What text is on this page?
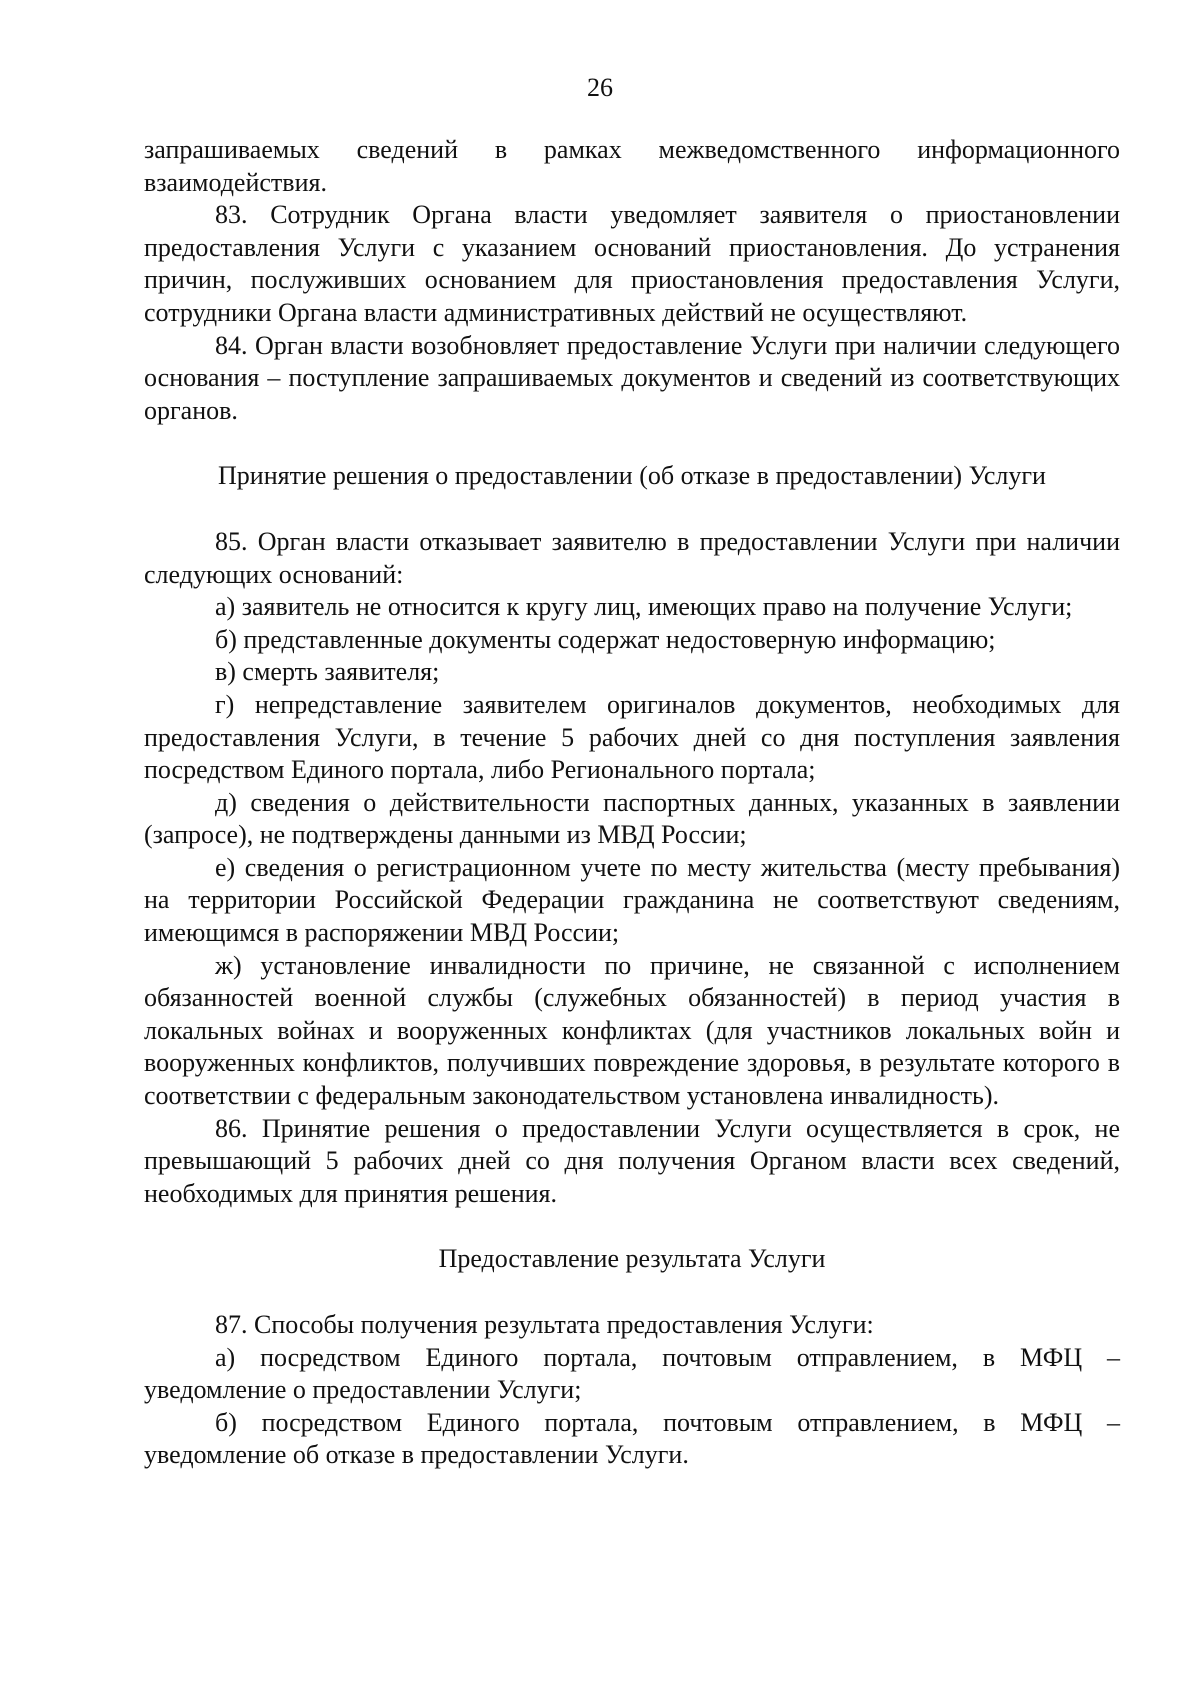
26

запрашиваемых сведений в рамках межведомственного информационного взаимодействия.

83. Сотрудник Органа власти уведомляет заявителя о приостановлении предоставления Услуги с указанием оснований приостановления. До устранения причин, послуживших основанием для приостановления предоставления Услуги, сотрудники Органа власти административных действий не осуществляют.

84. Орган власти возобновляет предоставление Услуги при наличии следующего основания – поступление запрашиваемых документов и сведений из соответствующих органов.

Принятие решения о предоставлении (об отказе в предоставлении) Услуги

85. Орган власти отказывает заявителю в предоставлении Услуги при наличии следующих оснований:

а) заявитель не относится к кругу лиц, имеющих право на получение Услуги;

б) представленные документы содержат недостоверную информацию;

в) смерть заявителя;

г) непредставление заявителем оригиналов документов, необходимых для предоставления Услуги, в течение 5 рабочих дней со дня поступления заявления посредством Единого портала, либо Регионального портала;

д) сведения о действительности паспортных данных, указанных в заявлении (запросе), не подтверждены данными из МВД России;

е) сведения о регистрационном учете по месту жительства (месту пребывания) на территории Российской Федерации гражданина не соответствуют сведениям, имеющимся в распоряжении МВД России;

ж) установление инвалидности по причине, не связанной с исполнением обязанностей военной службы (служебных обязанностей) в период участия в локальных войнах и вооруженных конфликтах (для участников локальных войн и вооруженных конфликтов, получивших повреждение здоровья, в результате которого в соответствии с федеральным законодательством установлена инвалидность).

86. Принятие решения о предоставлении Услуги осуществляется в срок, не превышающий 5 рабочих дней со дня получения Органом власти всех сведений, необходимых для принятия решения.

Предоставление результата Услуги

87. Способы получения результата предоставления Услуги:

а) посредством Единого портала, почтовым отправлением, в МФЦ – уведомление о предоставлении Услуги;

б) посредством Единого портала, почтовым отправлением, в МФЦ – уведомление об отказе в предоставлении Услуги.
